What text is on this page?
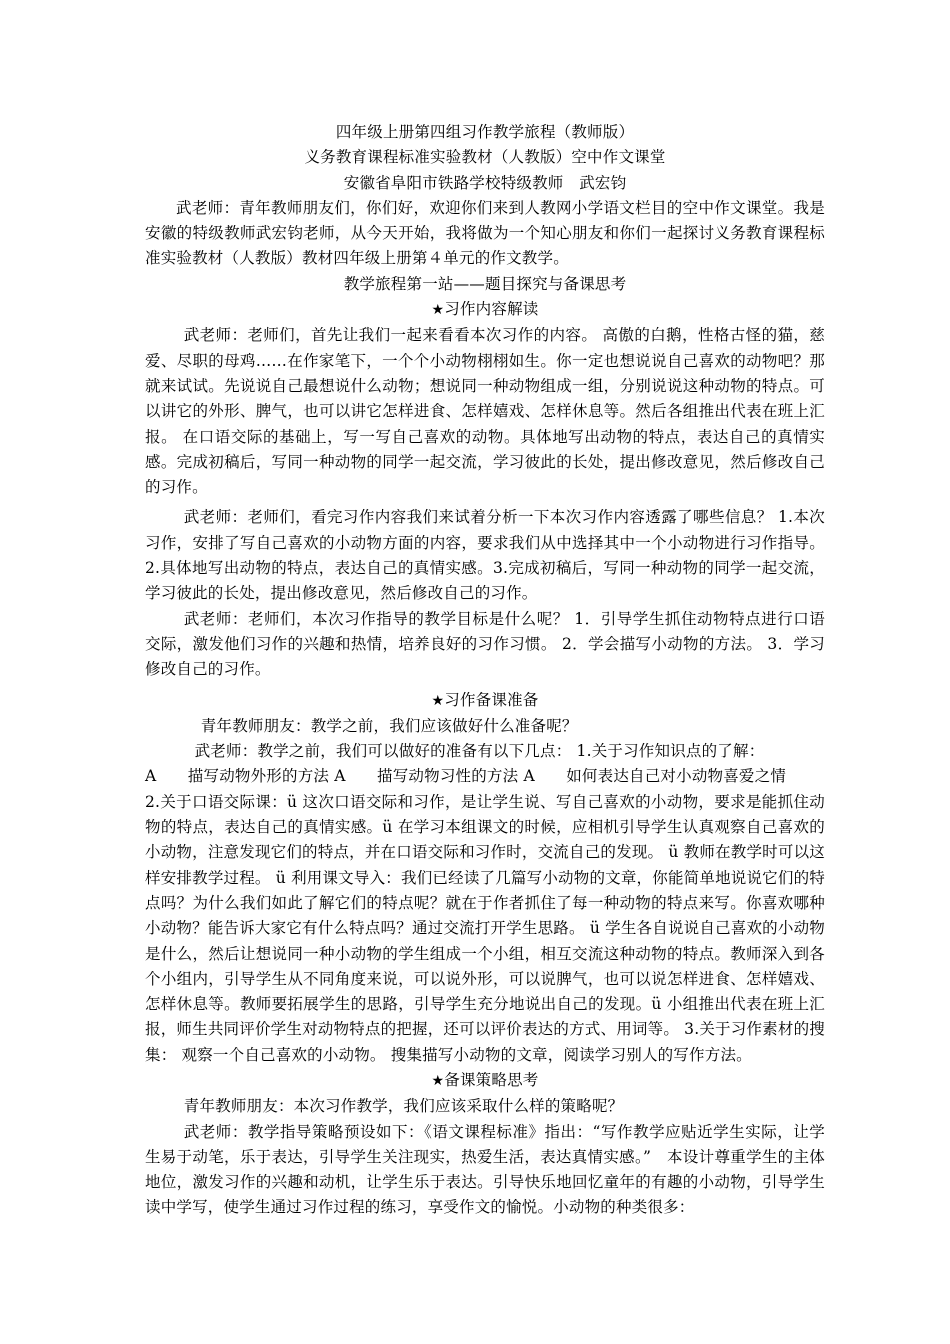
四年级上册第四组习作教学旅程（教师版）

义务教育课程标准实验教材（人教版）空中作文课堂

安徽省阜阳市铁路学校特级教师　武宏钧

武老师：青年教师朋友们，你们好，欢迎你们来到人教网小学语文栏目的空中作文课堂。我是安徽的特级教师武宏钧老师，从今天开始，我将做为一个知心朋友和你们一起探讨义务教育课程标准实验教材（人教版）教材四年级上册第４单元的作文教学。

教学旅程第一站——题目探究与备课思考

★习作内容解读

武老师：老师们，首先让我们一起来看看本次习作的内容。 高傲的白鹅，性格古怪的猫，慈爱、尽职的母鸡……在作家笔下，一个个小动物栩栩如生。你一定也想说说自己喜欢的动物吧？那就来试试。先说说自己最想说什么动物；想说同一种动物组成一组，分别说说这种动物的特点。可以讲它的外形、脾气，也可以讲它怎样进食、怎样嬉戏、怎样休息等。然后各组推出代表在班上汇报。 在口语交际的基础上，写一写自己喜欢的动物。具体地写出动物的特点，表达自己的真情实感。完成初稿后，写同一种动物的同学一起交流，学习彼此的长处，提出修改意见，然后修改自己的习作。

武老师：老师们，看完习作内容我们来试着分析一下本次习作内容透露了哪些信息？ 1.本次习作，安排了写自己喜欢的小动物方面的内容，要求我们从中选择其中一个小动物进行习作指导。2.具体地写出动物的特点，表达自己的真情实感。3.完成初稿后，写同一种动物的同学一起交流，学习彼此的长处，提出修改意见，然后修改自己的习作。

武老师：老师们，本次习作指导的教学目标是什么呢？ 1．引导学生抓住动物特点进行口语交际，激发他们习作的兴趣和热情，培养良好的习作习惯。 2．学会描写小动物的方法。 3．学习修改自己的习作。

★习作备课准备

青年教师朋友：教学之前，我们应该做好什么准备呢？

武老师：教学之前，我们可以做好的准备有以下几点： 1.关于习作知识点的了解：

A　　描写动物外形的方法 A　　描写动物习性的方法 A　　如何表达自己对小动物喜爱之情

2.关于口语交际课：ü 这次口语交际和习作，是让学生说、写自己喜欢的小动物，要求是能抓住动物的特点，表达自己的真情实感。ü 在学习本组课文的时候，应相机引导学生认真观察自己喜欢的小动物，注意发现它们的特点，并在口语交际和习作时，交流自己的发现。 ü 教师在教学时可以这样安排教学过程。 ü 利用课文导入：我们已经读了几篇写小动物的文章，你能简单地说说它们的特点吗？为什么我们如此了解它们的特点呢？就在于作者抓住了每一种动物的特点来写。你喜欢哪种小动物？能告诉大家它有什么特点吗？通过交流打开学生思路。 ü 学生各自说说自己喜欢的小动物是什么，然后让想说同一种小动物的学生组成一个小组，相互交流这种动物的特点。教师深入到各个小组内，引导学生从不同角度来说，可以说外形，可以说脾气，也可以说怎样进食、怎样嬉戏、怎样休息等。教师要拓展学生的思路，引导学生充分地说出自己的发现。ü 小组推出代表在班上汇报，师生共同评价学生对动物特点的把握，还可以评价表达的方式、用词等。 3.关于习作素材的搜集： 观察一个自己喜欢的小动物。 搜集描写小动物的文章，阅读学习别人的写作方法。

★备课策略思考

青年教师朋友：本次习作教学，我们应该采取什么样的策略呢？

武老师：教学指导策略预设如下：《语文课程标准》指出：“写作教学应贴近学生实际，让学生易于动笔，乐于表达，引导学生关注现实，热爱生活，表达真情实感。”　本设计尊重学生的主体地位，激发习作的兴趣和动机，让学生乐于表达。引导快乐地回忆童年的有趣的小动物，引导学生读中学写，使学生通过习作过程的练习，享受作文的愉悦。小动物的种类很多：
